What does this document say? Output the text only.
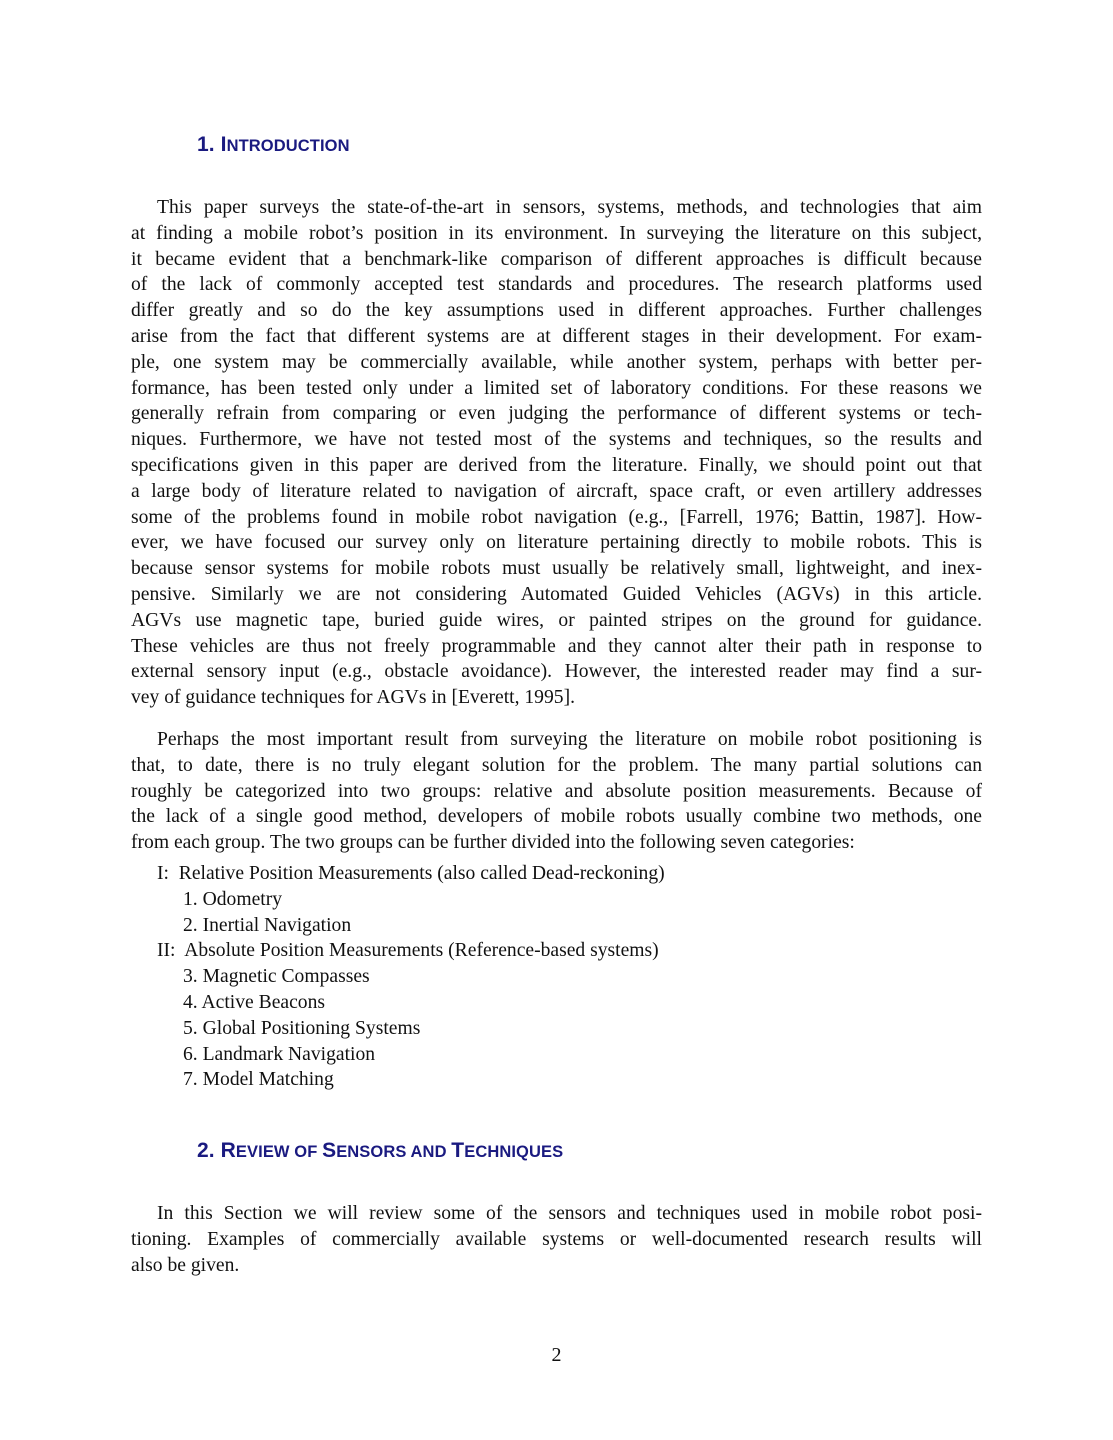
1. INTRODUCTION
This paper surveys the state-of-the-art in sensors, systems, methods, and technologies that aim
at finding a mobile robot’s position in its environment. In surveying the literature on this subject,
it became evident that a benchmark-like comparison of different approaches is difficult because
of the lack of commonly accepted test standards and procedures. The research platforms used
differ greatly and so do the key assumptions used in different approaches. Further challenges
arise from the fact that different systems are at different stages in their development. For exam-
ple, one system may be commercially available, while another system, perhaps with better per-
formance, has been tested only under a limited set of laboratory conditions. For these reasons we
generally refrain from comparing or even judging the performance of different systems or tech-
niques. Furthermore, we have not tested most of the systems and techniques, so the results and
specifications given in this paper are derived from the literature. Finally, we should point out that
a large body of literature related to navigation of aircraft, space craft, or even artillery addresses
some of the problems found in mobile robot navigation (e.g., [Farrell, 1976; Battin, 1987]. How-
ever, we have focused our survey only on literature pertaining directly to mobile robots. This is
because sensor systems for mobile robots must usually be relatively small, lightweight, and inex-
pensive. Similarly we are not considering Automated Guided Vehicles (AGVs) in this article.
AGVs use magnetic tape, buried guide wires, or painted stripes on the ground for guidance.
These vehicles are thus not freely programmable and they cannot alter their path in response to
external sensory input (e.g., obstacle avoidance). However, the interested reader may find a sur-
vey of guidance techniques for AGVs in [Everett, 1995].
Perhaps the most important result from surveying the literature on mobile robot positioning is
that, to date, there is no truly elegant solution for the problem. The many partial solutions can
roughly be categorized into two groups: relative and absolute position measurements. Because of
the lack of a single good method, developers of mobile robots usually combine two methods, one
from each group. The two groups can be further divided into the following seven categories:
I:  Relative Position Measurements (also called Dead-reckoning)
1. Odometry
2. Inertial Navigation
II:  Absolute Position Measurements (Reference-based systems)
3. Magnetic Compasses
4. Active Beacons
5. Global Positioning Systems
6. Landmark Navigation
7. Model Matching
2. REVIEW OF SENSORS AND TECHNIQUES
In this Section we will review some of the sensors and techniques used in mobile robot posi-
tioning. Examples of commercially available systems or well-documented research results will
also be given.
2
